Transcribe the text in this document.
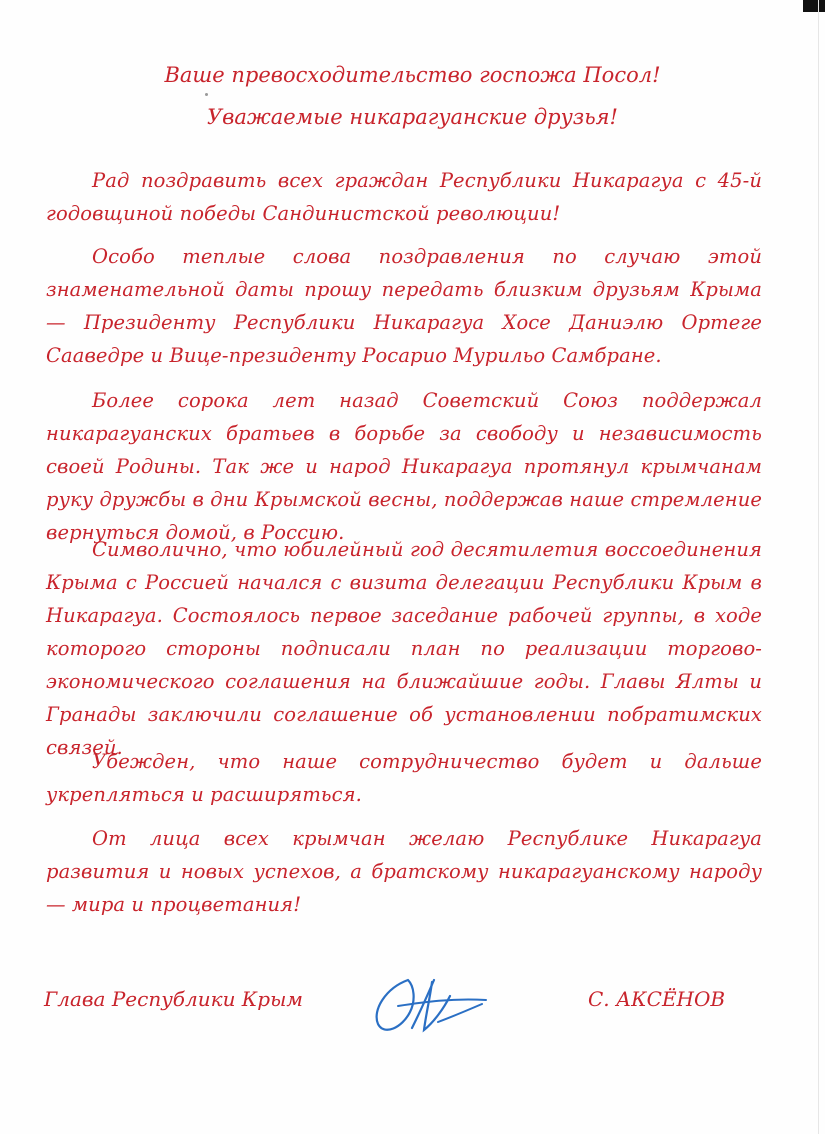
Ваше превосходительство госпожа Посол!
Уважаемые никарагуанские друзья!
Рад поздравить всех граждан Республики Никарагуа с 45-й годовщиной победы Сандинистской революции!
Особо теплые слова поздравления по случаю этой знаменательной даты прошу передать близким друзьям Крыма — Президенту Республики Никарагуа Хосе Даниэлю Ортеге Сааведре и Вице-президенту Росарио Мурильо Самбране.
Более сорока лет назад Советский Союз поддержал никарагуанских братьев в борьбе за свободу и независимость своей Родины. Так же и народ Никарагуа протянул крымчанам руку дружбы в дни Крымской весны, поддержав наше стремление вернуться домой, в Россию.
Символично, что юбилейный год десятилетия воссоединения Крыма с Россией начался с визита делегации Республики Крым в Никарагуа. Состоялось первое заседание рабочей группы, в ходе которого стороны подписали план по реализации торгово-экономического соглашения на ближайшие годы. Главы Ялты и Гранады заключили соглашение об установлении побратимских связей.
Убежден, что наше сотрудничество будет и дальше укрепляться и расширяться.
От лица всех крымчан желаю Республике Никарагуа развития и новых успехов, а братскому никарагуанскому народу — мира и процветания!
Глава Республики Крым	С. АКСЁНОВ
